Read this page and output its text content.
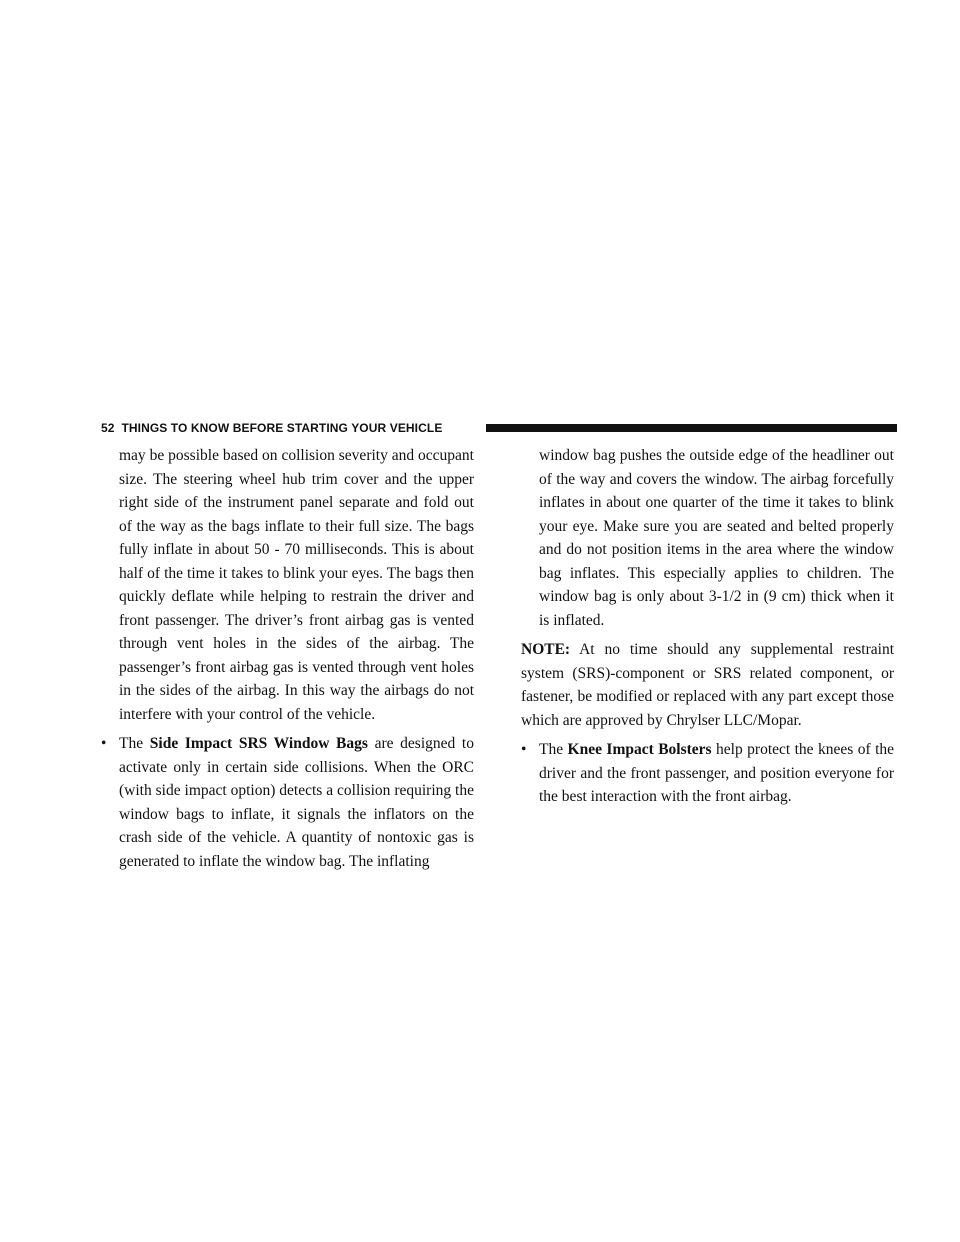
52 THINGS TO KNOW BEFORE STARTING YOUR VEHICLE

may be possible based on collision severity and occupant size. The steering wheel hub trim cover and the upper right side of the instrument panel separate and fold out of the way as the bags inflate to their full size. The bags fully inflate in about 50 - 70 milliseconds. This is about half of the time it takes to blink your eyes. The bags then quickly deflate while helping to restrain the driver and front passenger. The driver’s front airbag gas is vented through vent holes in the sides of the airbag. The passenger’s front airbag gas is vented through vent holes in the sides of the airbag. In this way the airbags do not interfere with your control of the vehicle.

• The Side Impact SRS Window Bags are designed to activate only in certain side collisions. When the ORC (with side impact option) detects a collision requiring the window bags to inflate, it signals the inflators on the crash side of the vehicle. A quantity of nontoxic gas is generated to inflate the window bag. The inflating

window bag pushes the outside edge of the headliner out of the way and covers the window. The airbag forcefully inflates in about one quarter of the time it takes to blink your eye. Make sure you are seated and belted properly and do not position items in the area where the window bag inflates. This especially applies to children. The window bag is only about 3-1/2 in (9 cm) thick when it is inflated.

NOTE: At no time should any supplemental restraint system (SRS)-component or SRS related component, or fastener, be modified or replaced with any part except those which are approved by Chrylser LLC/Mopar.

• The Knee Impact Bolsters help protect the knees of the driver and the front passenger, and position everyone for the best interaction with the front airbag.
